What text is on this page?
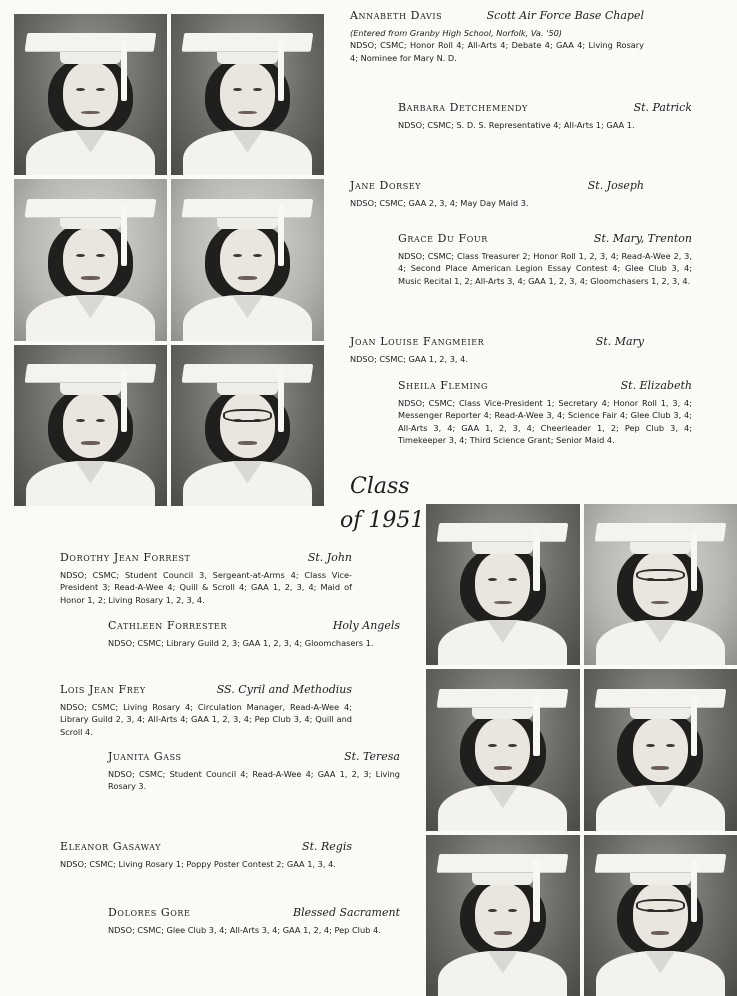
Annabeth Davis	Scott Air Force Base Chapel
(Entered from Granby High School, Norfolk, Va. '50)
NDSO; CSMC; Honor Roll 4; All-Arts 4; Debate 4; GAA 4; Living Rosary 4; Nominee for Mary N. D.
Barbara Detchemendy	St. Patrick
NDSO; CSMC; S. D. S. Representative 4; All-Arts 1; GAA 1.
Jane Dorsey	St. Joseph
NDSO; CSMC; GAA 2, 3, 4; May Day Maid 3.
Grace Du Four	St. Mary, Trenton
NDSO; CSMC; Class Treasurer 2; Honor Roll 1, 2, 3, 4; Read-A-Wee 2, 3, 4; Second Place American Legion Essay Contest 4; Glee Club 3, 4; Music Recital 1, 2; All-Arts 3, 4; GAA 1, 2, 3, 4; Gloomchasers 1, 2, 3, 4.
Joan Louise Fangmeier	St. Mary
NDSO; CSMC; GAA 1, 2, 3, 4.
Sheila Fleming	St. Elizabeth
NDSO; CSMC; Class Vice-President 1; Secretary 4; Honor Roll 1, 3, 4; Messenger Reporter 4; Read-A-Wee 3, 4; Science Fair 4; Glee Club 3, 4; All-Arts 3, 4; GAA 1, 2, 3, 4; Cheerleader 1, 2; Pep Club 3, 4; Timekeeper 3, 4; Third Science Grant; Senior Maid 4.
Class
of 1951
Dorothy Jean Forrest	St. John
NDSO; CSMC; Student Council 3, Sergeant-at-Arms 4; Class Vice-President 3; Read-A-Wee 4; Quill & Scroll 4; GAA 1, 2, 3, 4; Maid of Honor 1, 2; Living Rosary 1, 2, 3, 4.
Cathleen Forrester	Holy Angels
NDSO; CSMC; Library Guild 2, 3; GAA 1, 2, 3, 4; Gloomchasers 1.
Lois Jean Frey	SS. Cyril and Methodius
NDSO; CSMC; Living Rosary 4; Circulation Manager, Read-A-Wee 4; Library Guild 2, 3, 4; All-Arts 4; GAA 1, 2, 3, 4; Pep Club 3, 4; Quill and Scroll 4.
Juanita Gass	St. Teresa
NDSO; CSMC; Student Council 4; Read-A-Wee 4; GAA 1, 2, 3; Living Rosary 3.
Eleanor Gasaway	St. Regis
NDSO; CSMC; Living Rosary 1; Poppy Poster Contest 2; GAA 1, 3, 4.
Dolores Gore	Blessed Sacrament
NDSO; CSMC; Glee Club 3, 4; All-Arts 3, 4; GAA 1, 2, 4; Pep Club 4.
